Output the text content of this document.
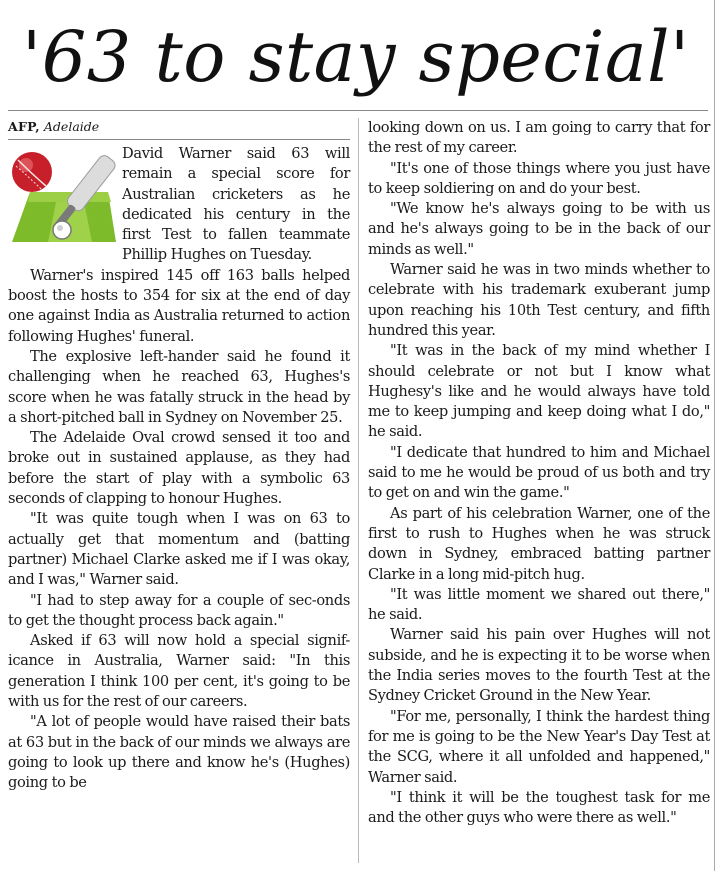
'63 to stay special'
AFP, Adelaide

David Warner said 63 will remain a special score for Australian cricketers as he dedicated his century in the first Test to fallen teammate Phillip Hughes on Tuesday.

Warner's inspired 145 off 163 balls helped boost the hosts to 354 for six at the end of day one against India as Australia returned to action following Hughes' funeral.

The explosive left-hander said he found it challenging when he reached 63, Hughes's score when he was fatally struck in the head by a short-pitched ball in Sydney on November 25.

The Adelaide Oval crowd sensed it too and broke out in sustained applause, as they had before the start of play with a symbolic 63 seconds of clapping to honour Hughes.

"It was quite tough when I was on 63 to actually get that momentum and (batting partner) Michael Clarke asked me if I was okay, and I was," Warner said.

"I had to step away for a couple of sec-onds to get the thought process back again."

Asked if 63 will now hold a special signif-icance in Australia, Warner said: "In this generation I think 100 per cent, it's going to be with us for the rest of our careers.

"A lot of people would have raised their bats at 63 but in the back of our minds we always are going to look up there and know he's (Hughes) going to be

looking down on us. I am going to carry that for the rest of my career.

"It's one of those things where you just have to keep soldiering on and do your best.

"We know he's always going to be with us and he's always going to be in the back of our minds as well."

Warner said he was in two minds whether to celebrate with his trademark exuberant jump upon reaching his 10th Test century, and fifth hundred this year.

"It was in the back of my mind whether I should celebrate or not but I know what Hughesy's like and he would always have told me to keep jumping and keep doing what I do," he said.

"I dedicate that hundred to him and Michael said to me he would be proud of us both and try to get on and win the game."

As part of his celebration Warner, one of the first to rush to Hughes when he was struck down in Sydney, embraced batting partner Clarke in a long mid-pitch hug.

"It was little moment we shared out there," he said.

Warner said his pain over Hughes will not subside, and he is expecting it to be worse when the India series moves to the fourth Test at the Sydney Cricket Ground in the New Year.

"For me, personally, I think the hardest thing for me is going to be the New Year's Day Test at the SCG, where it all unfolded and happened," Warner said.

"I think it will be the toughest task for me and the other guys who were there as well."
